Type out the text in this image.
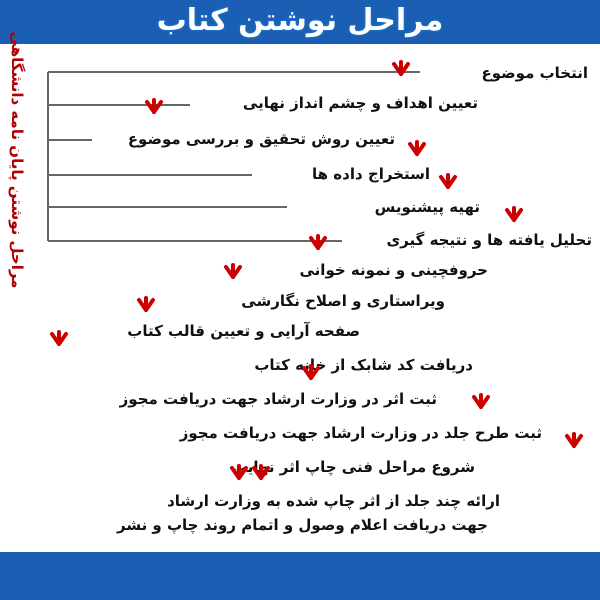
مراحل نوشتن کتاب
مراحل نوشتن پایان نامه دانشگاهی	انتخاب موضوع
تعیین اهداف و چشم انداز نهایی
تعیین روش تحقیق و بررسی موضوع
استخراج داده ها
تهیه پیشنویس
تحلیل یافته ها و نتیجه گیری
حروفچینی و نمونه خوانی
ویراستاری و اصلاح نگارشی
صفحه آرایی و تعیین قالب کتاب
دریافت کد شابک از خانه کتاب
ثبت اثر در وزارت ارشاد جهت دریافت مجوز
ثبت طرح جلد در وزارت ارشاد جهت دریافت مجوز
شروع مراحل فنی چاپ اثر نهایی
ارائه چند جلد از اثر چاپ شده به وزارت ارشاد
جهت دریافت اعلام وصول و اتمام روند چاپ و نشر
